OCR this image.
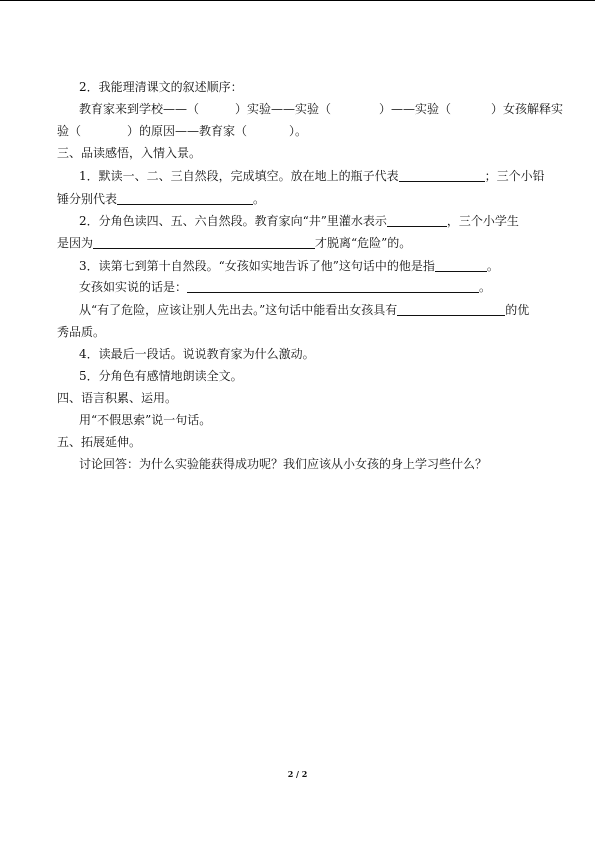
2．我能理清课文的叙述顺序：
教育家来到学校——（	）实验——实验（	）——实验（	）女孩解释实
验（	）的原因——教育家（	）。
三、品读感悟，入情入景。
1．默读一、二、三自然段，完成填空。放在地上的瓶子代表	；三个小铅
锤分别代表	。
2．分角色读四、五、六自然段。教育家向“井”里灌水表示	，三个小学生
是因为	才脱离“危险”的。
3．读第七到第十自然段。“女孩如实地告诉了他”这句话中的他是指	。
女孩如实说的话是：	。
从“有了危险，应该让别人先出去。”这句话中能看出女孩具有	的优
秀品质。
4．读最后一段话。说说教育家为什么激动。
5．分角色有感情地朗读全文。
四、语言积累、运用。
用“不假思索”说一句话。
五、拓展延伸。
讨论回答：为什么实验能获得成功呢？我们应该从小女孩的身上学习些什么？
2 / 2
